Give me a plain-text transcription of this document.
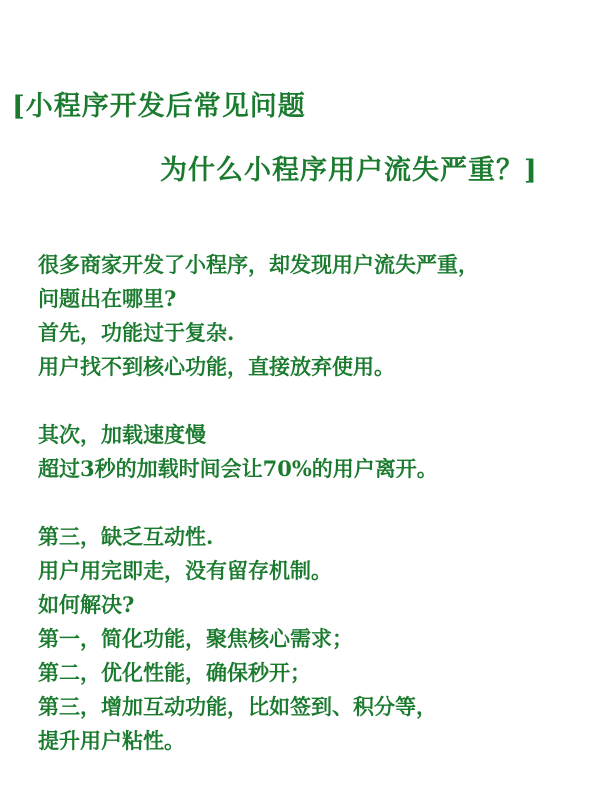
[小程序开发后常见问题
为什么小程序用户流失严重？]
很多商家开发了小程序，却发现用户流失严重，
问题出在哪里?
首先，功能过于复杂.
用户找不到核心功能，直接放弃使用。
其次，加载速度慢
超过3秒的加载时间会让70%的用户离开。
第三，缺乏互动性.
用户用完即走，没有留存机制。
如何解决?
第一，简化功能，聚焦核心需求；
第二，优化性能，确保秒开；
第三，增加互动功能，比如签到、积分等，
提升用户粘性。
